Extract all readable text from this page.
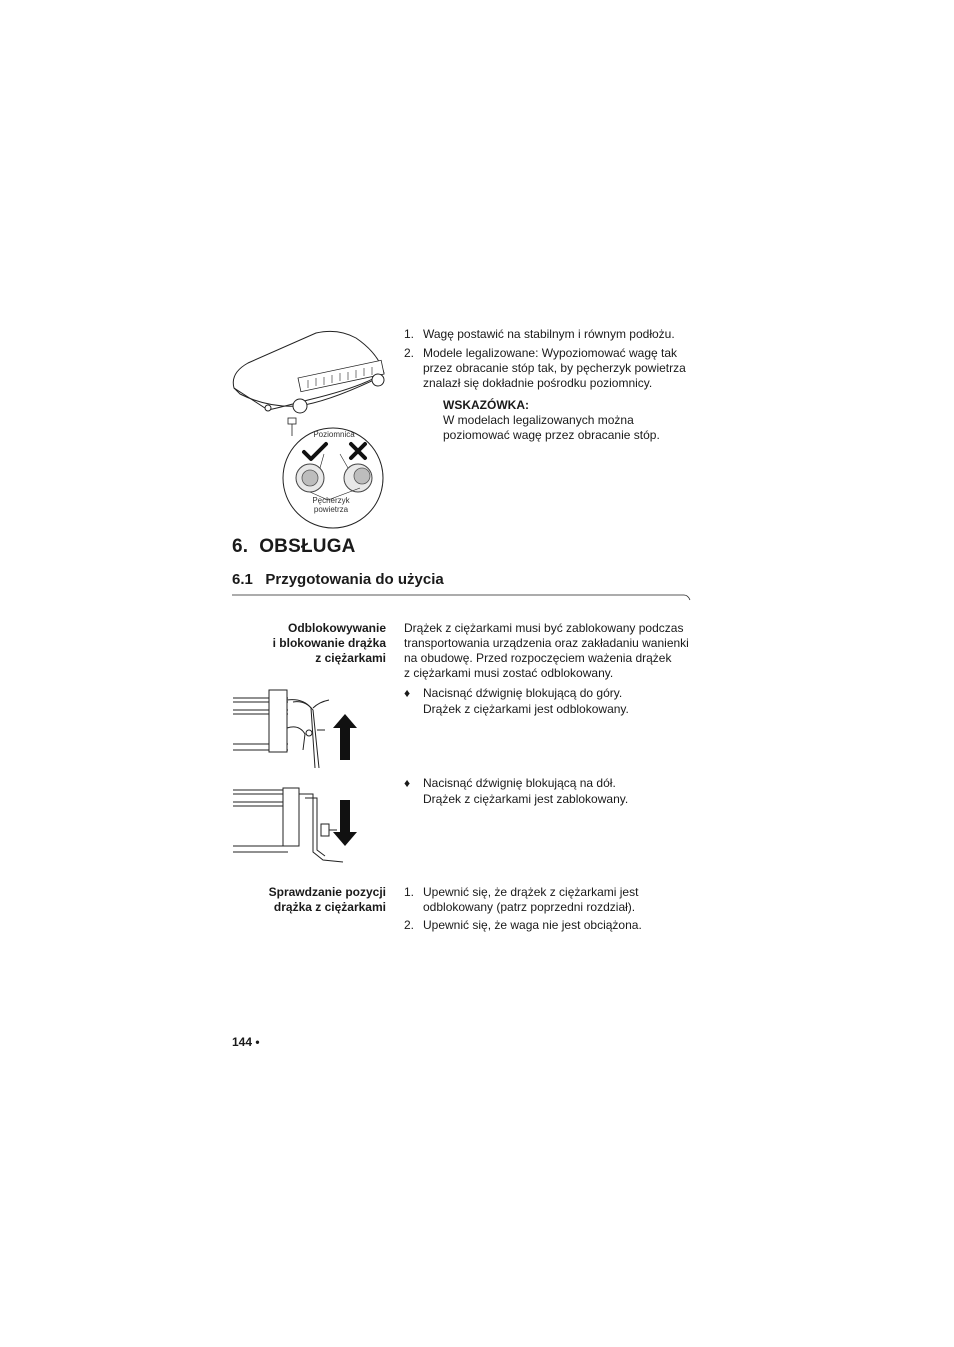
Poziomnica
Pęcherzyk
powietrza
1. Wagę postawić na stabilnym i równym podłożu.
2. Modele legalizowane: Wypoziomować wagę tak
przez obracanie stóp tak, by pęcherzyk powietrza
znalazł się dokładnie pośrodku poziomnicy.
WSKAZÓWKA:
W modelach legalizowanych można
poziomować wagę przez obracanie stóp.
6.  OBSŁUGA
6.1   Przygotowania do użycia
Odblokowywanie
i blokowanie drążka
z ciężarkami
Drążek z ciężarkami musi być zablokowany podczas
transportowania urządzenia oraz zakładaniu wanienki
na obudowę. Przed rozpoczęciem ważenia drążek
z ciężarkami musi zostać odblokowany.
♦ Nacisnąć dźwignię blokującą do góry.
Drążek z ciężarkami jest odblokowany.
♦ Nacisnąć dźwignię blokującą na dół.
Drążek z ciężarkami jest zablokowany.
Sprawdzanie pozycji
drążka z ciężarkami
1. Upewnić się, że drążek z ciężarkami jest
odblokowany (patrz poprzedni rozdział).
2. Upewnić się, że waga nie jest obciążona.
144 •
